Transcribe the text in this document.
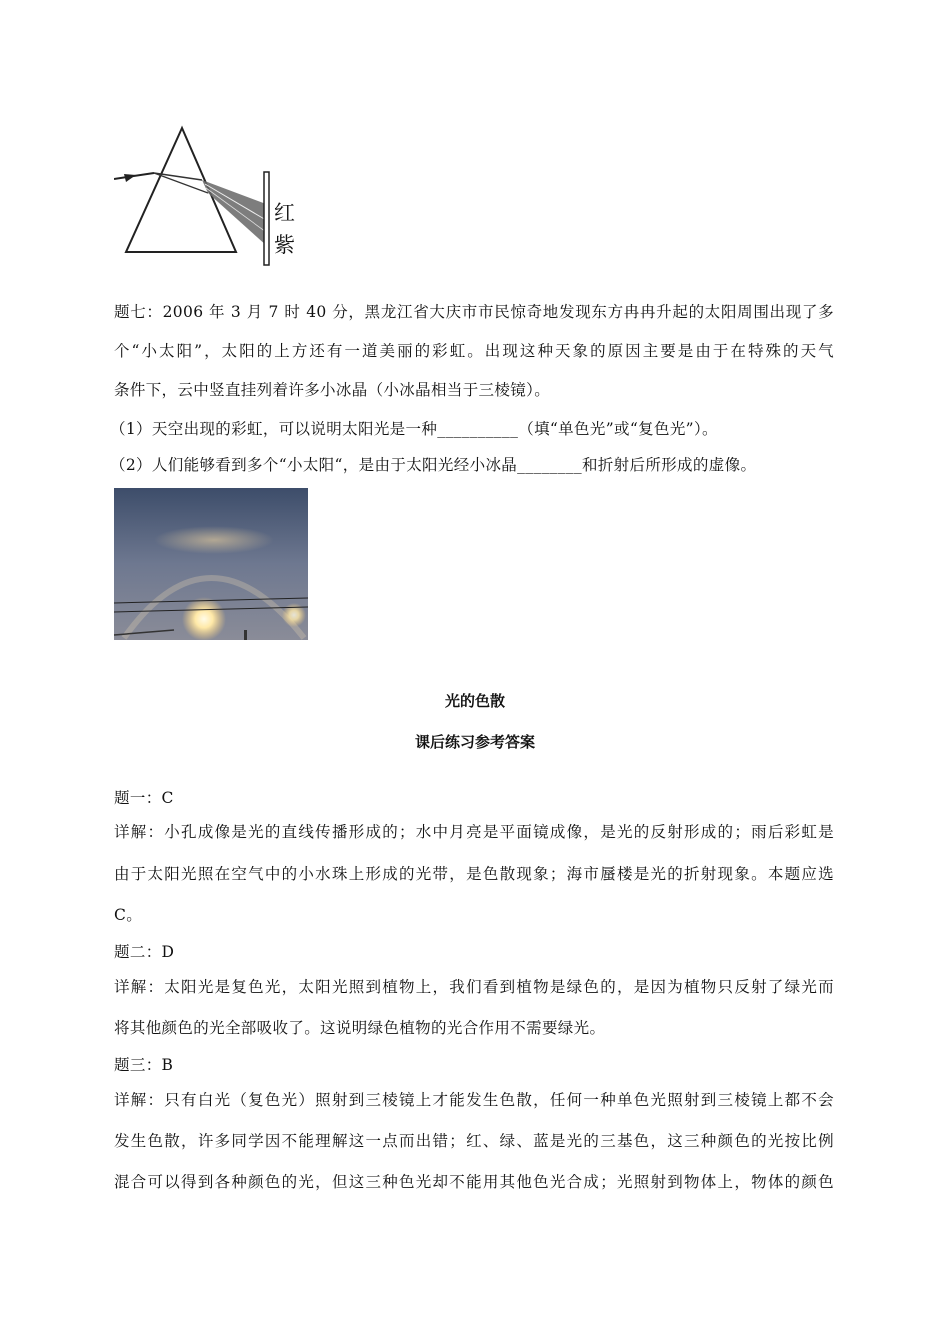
红
紫
题七：2006 年 3 月 7 时 40 分，黑龙江省大庆市市民惊奇地发现东方冉冉升起的太阳周围出现了多
个“小太阳”，太阳的上方还有一道美丽的彩虹。出现这种天象的原因主要是由于在特殊的天气
条件下，云中竖直挂列着许多小冰晶（小冰晶相当于三棱镜）。
（1）天空出现的彩虹，可以说明太阳光是一种__________（填“单色光”或“复色光”）。
（2）人们能够看到多个“小太阳“，是由于太阳光经小冰晶________和折射后所形成的虚像。
光的色散
课后练习参考答案
题一：C
详解：小孔成像是光的直线传播形成的；水中月亮是平面镜成像，是光的反射形成的；雨后彩虹是
由于太阳光照在空气中的小水珠上形成的光带，是色散现象；海市蜃楼是光的折射现象。本题应选
C。
题二：D
详解：太阳光是复色光，太阳光照到植物上，我们看到植物是绿色的，是因为植物只反射了绿光而
将其他颜色的光全部吸收了。这说明绿色植物的光合作用不需要绿光。
题三：B
详解：只有白光（复色光）照射到三棱镜上才能发生色散，任何一种单色光照射到三棱镜上都不会
发生色散，许多同学因不能理解这一点而出错；红、绿、蓝是光的三基色，这三种颜色的光按比例
混合可以得到各种颜色的光，但这三种色光却不能用其他色光合成；光照射到物体上，物体的颜色
